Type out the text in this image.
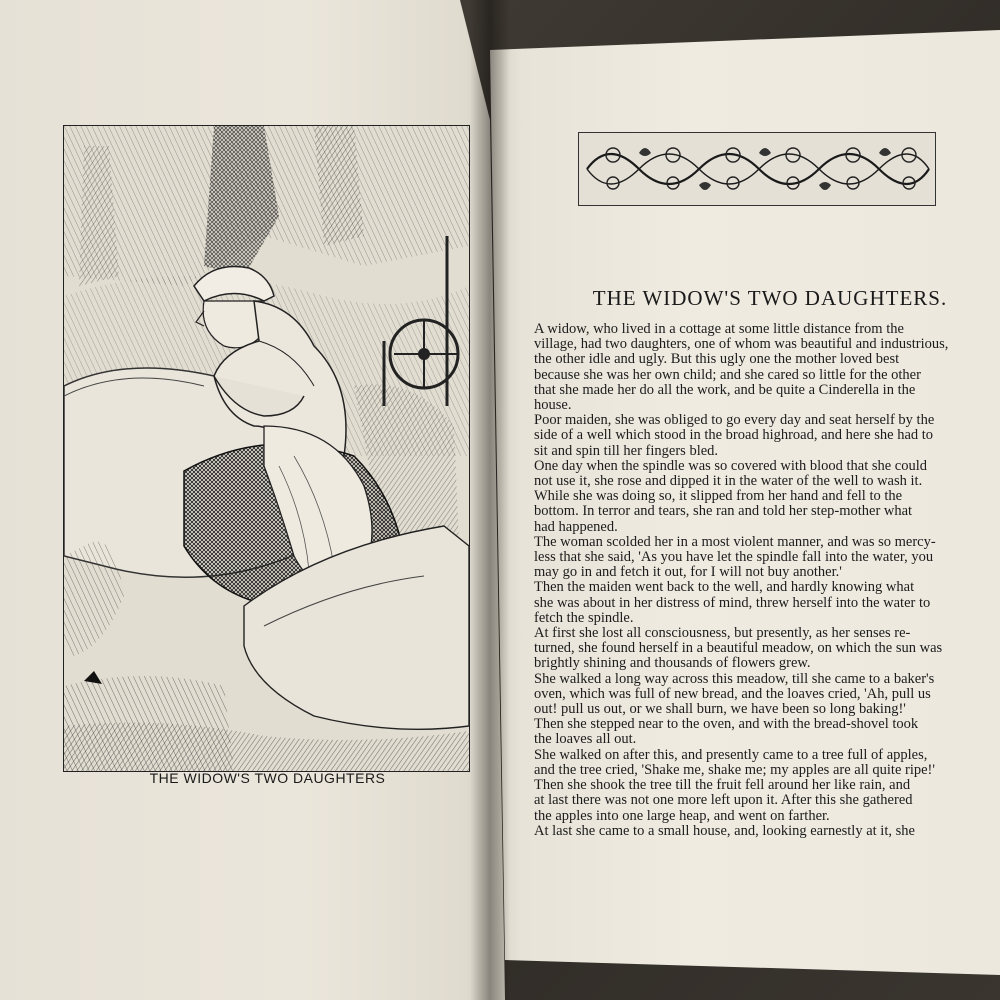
THE WIDOW'S TWO DAUGHTERS
THE WIDOW'S TWO DAUGHTERS.

A widow, who lived in a cottage at some little distance from the

village, had two daughters, one of whom was beautiful and industrious,

the other idle and ugly. But this ugly one the mother loved best

because she was her own child; and she cared so little for the other

that she made her do all the work, and be quite a Cinderella in the

house.

Poor maiden, she was obliged to go every day and seat herself by the

side of a well which stood in the broad highroad, and here she had to

sit and spin till her fingers bled.

One day when the spindle was so covered with blood that she could

not use it, she rose and dipped it in the water of the well to wash it.

While she was doing so, it slipped from her hand and fell to the

bottom. In terror and tears, she ran and told her step-mother what

had happened.

The woman scolded her in a most violent manner, and was so mercy-

less that she said, 'As you have let the spindle fall into the water, you

may go in and fetch it out, for I will not buy another.'

Then the maiden went back to the well, and hardly knowing what

she was about in her distress of mind, threw herself into the water to

fetch the spindle.

At first she lost all consciousness, but presently, as her senses re-

turned, she found herself in a beautiful meadow, on which the sun was

brightly shining and thousands of flowers grew.

She walked a long way across this meadow, till she came to a baker's

oven, which was full of new bread, and the loaves cried, 'Ah, pull us

out! pull us out, or we shall burn, we have been so long baking!'

Then she stepped near to the oven, and with the bread-shovel took

the loaves all out.

She walked on after this, and presently came to a tree full of apples,

and the tree cried, 'Shake me, shake me; my apples are all quite ripe!'

Then she shook the tree till the fruit fell around her like rain, and

at last there was not one more left upon it. After this she gathered

the apples into one large heap, and went on farther.

At last she came to a small house, and, looking earnestly at it, she
